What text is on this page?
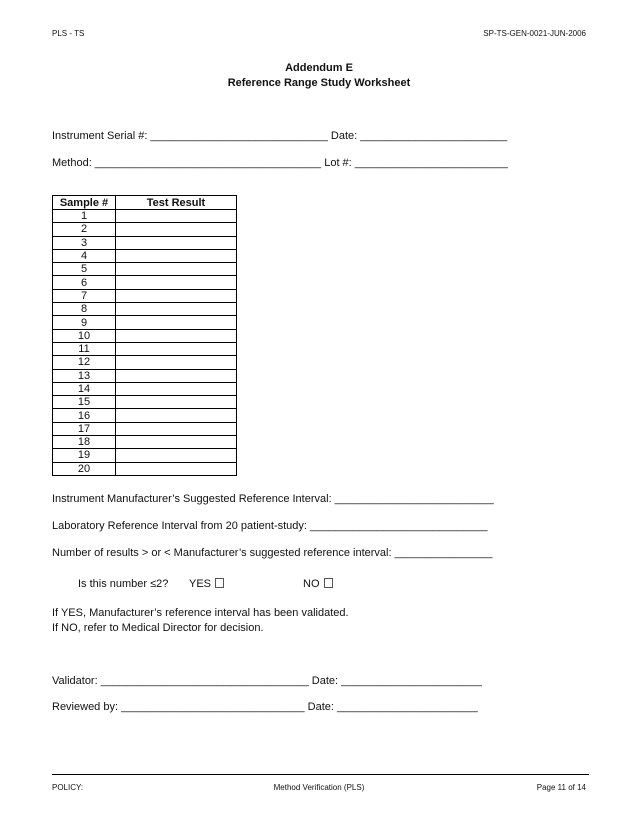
PLS - TS	SP-TS-GEN-0021-JUN-2006
Addendum E
Reference Range Study Worksheet
Instrument Serial #: _____________________________ Date: ________________________
Method: _____________________________________ Lot #: _________________________
Sample #	Test Result
1	
2	
3	
4	
5	
6	
7	
8	
9	
10	
11	
12	
13	
14	
15	
16	
17	
18	
19	
20	
Instrument Manufacturer’s Suggested Reference Interval: __________________________
Laboratory Reference Interval from 20 patient-study: _____________________________
Number of results > or < Manufacturer’s suggested reference interval: ________________
Is this number ≤2? YES	NO
If YES, Manufacturer’s reference interval has been validated.
If NO, refer to Medical Director for decision.
Validator: __________________________________ Date: _______________________
Reviewed by: ______________________________ Date: _______________________
POLICY:	Method Verification (PLS)	Page 11 of 14
